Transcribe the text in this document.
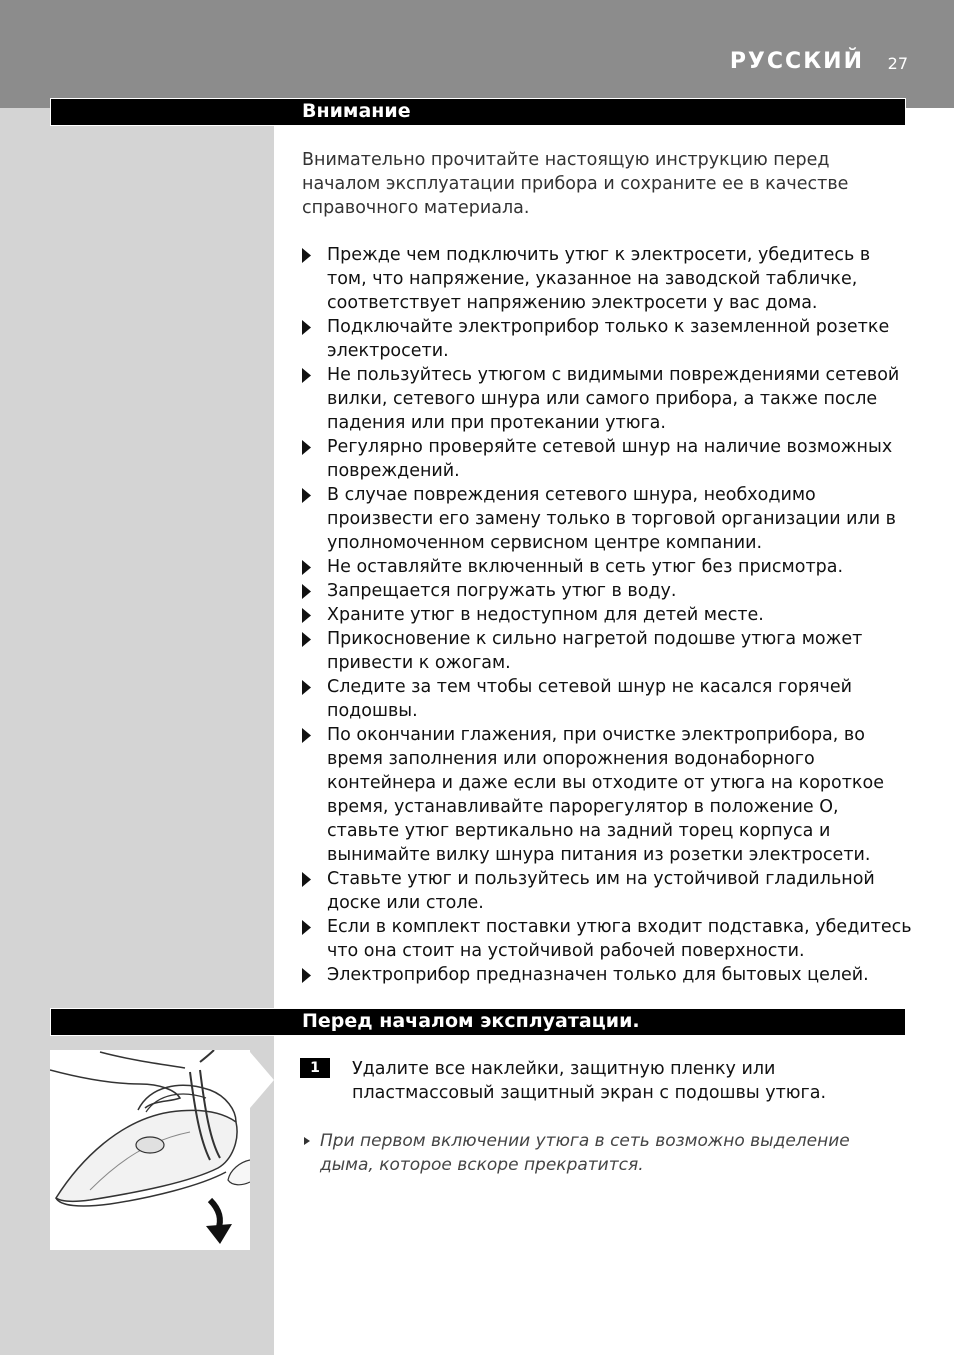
РУССКИЙ 27
Внимание
Внимательно прочитайте настоящую инструкцию перед началом эксплуатации прибора и сохраните ее в качестве справочного материала.
Прежде чем подключить утюг к электросети, убедитесь в том, что напряжение, указанное на заводской табличке, соответствует напряжению электросети у вас дома.
Подключайте электроприбор только к заземленной розетке электросети.
Не пользуйтесь утюгом с видимыми повреждениями сетевой вилки, сетевого шнура или самого прибора, а также после падения или при протекании утюга.
Регулярно проверяйте сетевой шнур на наличие возможных повреждений.
В случае повреждения сетевого шнура, необходимо произвести его замену только в торговой организации или в уполномоченном сервисном центре компании.
Не оставляйте включенный в сеть утюг без присмотра.
Запрещается погружать утюг в воду.
Храните утюг в недоступном для детей месте.
Прикосновение к сильно нагретой подошве утюга может привести к ожогам.
Следите за тем чтобы сетевой шнур не касался горячей подошвы.
По окончании глажения, при очистке электроприбора, во время заполнения или опорожнения водонаборного контейнера и даже если вы отходите от утюга на короткое время, устанавливайте парорегулятор в положение O, ставьте утюг вертикально на задний торец корпуса и вынимайте вилку шнура питания из розетки электросети.
Ставьте утюг и пользуйтесь им на устойчивой гладильной доске или столе.
Если в комплект поставки утюга входит подставка, убедитесь что она стоит на устойчивой рабочей поверхности.
Электроприбор предназначен только для бытовых целей.
Перед началом эксплуатации.
1	Удалите все наклейки, защитную пленку или пластмассовый защитный экран с подошвы утюга.
При первом включении утюга в сеть возможно выделение дыма, которое вскоре прекратится.
